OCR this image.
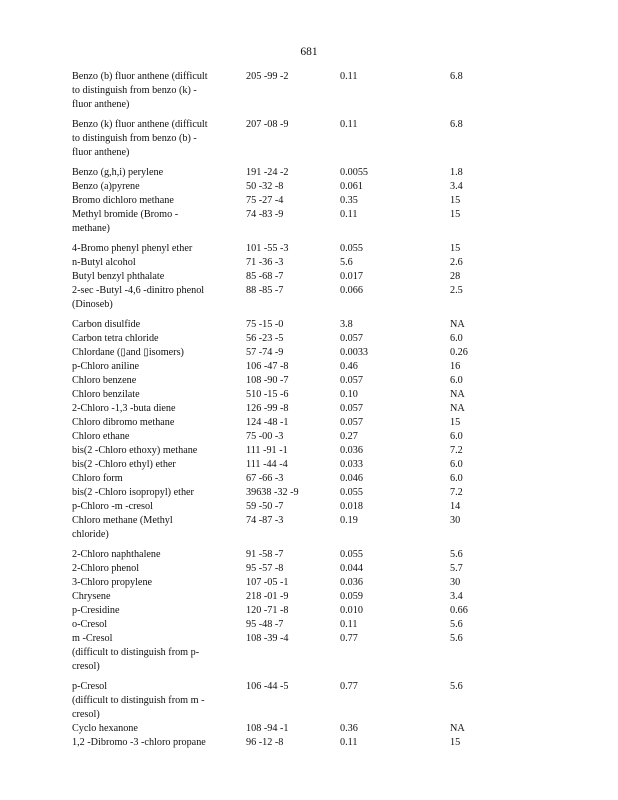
681
Benzo (b) fluor anthene (difficult
to distinguish from benzo (k) -
fluor anthene)	205 -99 -2	0.11	6.8

Benzo (k) fluor anthene (difficult
to distinguish from benzo (b) -
fluor anthene)	207 -08 -9	0.11	6.8

Benzo (g,h,i) perylene	191 -24 -2	0.0055	1.8

Benzo (a)pyrene	50 -32 -8	0.061	3.4

Bromo dichloro methane	75 -27 -4	0.35	15

Methyl bromide (Bromo -
methane)	74 -83 -9	0.11	15

4-Bromo phenyl phenyl ether	101 -55 -3	0.055	15

n-Butyl alcohol	71 -36 -3	5.6	2.6

Butyl benzyl phthalate	85 -68 -7	0.017	28

2-sec -Butyl -4,6 -dinitro phenol
(Dinoseb)	88 -85 -7	0.066	2.5

Carbon disulfide	75 -15 -0	3.8	NA

Carbon tetra chloride	56 -23 -5	0.057	6.0

Chlordane (▯and ▯isomers)	57 -74 -9	0.0033	0.26

p-Chloro aniline	106 -47 -8	0.46	16

Chloro benzene	108 -90 -7	0.057	6.0

Chloro benzilate	510 -15 -6	0.10	NA

2-Chloro -1,3 -buta diene	126 -99 -8	0.057	NA

Chloro dibromo methane	124 -48 -1	0.057	15

Chloro ethane	75 -00 -3	0.27	6.0

bis(2 -Chloro ethoxy) methane	111 -91 -1	0.036	7.2

bis(2 -Chloro ethyl) ether	111 -44 -4	0.033	6.0

Chloro form	67 -66 -3	0.046	6.0

bis(2 -Chloro isopropyl) ether	39638 -32 -9	0.055	7.2

p-Chloro -m -cresol	59 -50 -7	0.018	14

Chloro methane (Methyl
chloride)	74 -87 -3	0.19	30

2-Chloro naphthalene	91 -58 -7	0.055	5.6

2-Chloro phenol	95 -57 -8	0.044	5.7

3-Chloro propylene	107 -05 -1	0.036	30

Chrysene	218 -01 -9	0.059	3.4

p-Cresidine	120 -71 -8	0.010	0.66

o-Cresol	95 -48 -7	0.11	5.6

m -Cresol
(difficult to distinguish from p-
cresol)	108 -39 -4	0.77	5.6

p-Cresol
(difficult to distinguish from m -
cresol)	106 -44 -5	0.77	5.6

Cyclo hexanone	108 -94 -1	0.36	NA

1,2 -Dibromo -3 -chloro propane	96 -12 -8	0.11	15
